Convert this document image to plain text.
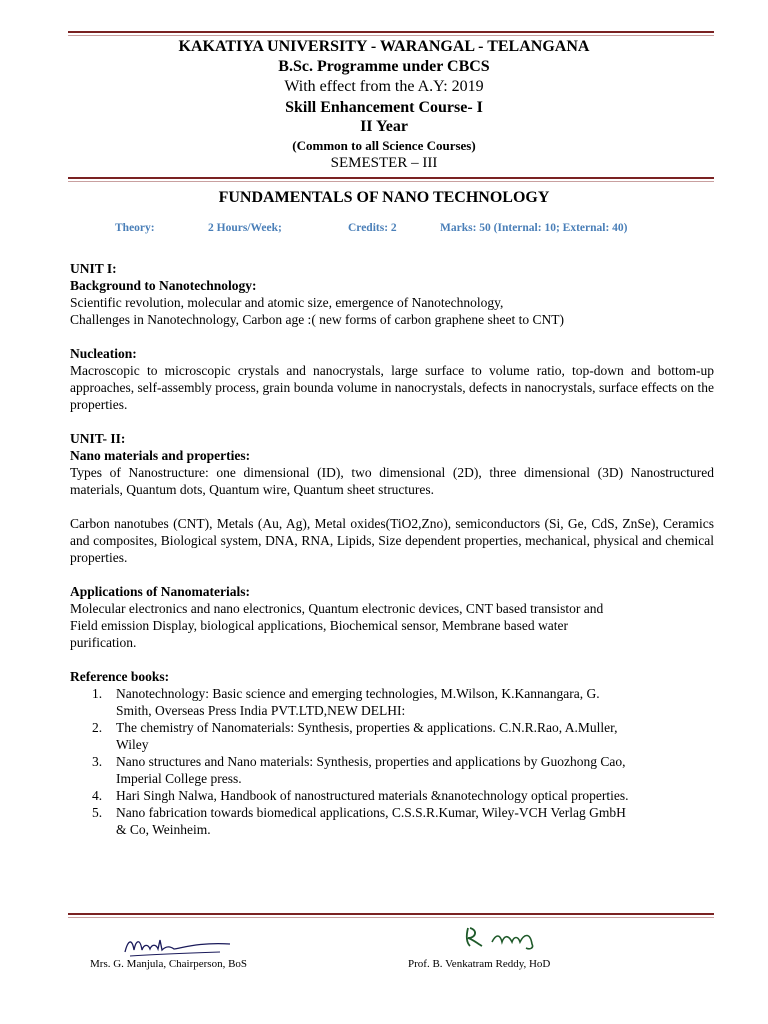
KAKATIYA UNIVERSITY - WARANGAL - TELANGANA
B.Sc. Programme under CBCS
With effect from the A.Y: 2019
Skill Enhancement Course- I
II Year
(Common to all Science Courses)
SEMESTER – III
FUNDAMENTALS OF NANO TECHNOLOGY
Theory:	2 Hours/Week;	Credits: 2	Marks: 50 (Internal: 10; External: 40)

UNIT I:

Background to Nanotechnology:

Scientific revolution, molecular and atomic size, emergence of Nanotechnology,

Challenges in Nanotechnology, Carbon age :( new forms of carbon graphene sheet to CNT)

Nucleation:

Macroscopic to microscopic crystals and nanocrystals, large surface to volume ratio, top-down and bottom-up approaches, self-assembly process, grain bounda volume in nanocrystals, defects in nanocrystals, surface effects on the properties.

UNIT- II:

Nano materials and properties:

Types of Nanostructure: one dimensional (ID), two dimensional (2D), three dimensional (3D) Nanostructured materials, Quantum dots, Quantum wire, Quantum sheet structures.

Carbon nanotubes (CNT), Metals (Au, Ag), Metal oxides(TiO2,Zno), semiconductors (Si, Ge, CdS, ZnSe), Ceramics and composites, Biological system, DNA, RNA, Lipids, Size dependent properties, mechanical, physical and chemical properties.

Applications of Nanomaterials:

Molecular electronics and nano electronics, Quantum electronic devices, CNT based transistor and

Field emission Display, biological applications, Biochemical sensor, Membrane based water

purification.

Reference books:

1. Nanotechnology: Basic science and emerging technologies, M.Wilson, K.Kannangara, G.
Smith, Overseas Press India PVT.LTD,NEW DELHI:
2. The chemistry of Nanomaterials: Synthesis, properties & applications. C.N.R.Rao, A.Muller,
Wiley
3. Nano structures and Nano materials: Synthesis, properties and applications by Guozhong Cao,
Imperial College press.
4. Hari Singh Nalwa, Handbook of nanostructured materials &nanotechnology optical properties.
5. Nano fabrication towards biomedical applications, C.S.S.R.Kumar, Wiley-VCH Verlag GmbH
& Co, Weinheim.
Mrs. G. Manjula, Chairperson, BoS	Prof. B. Venkatram Reddy, HoD
